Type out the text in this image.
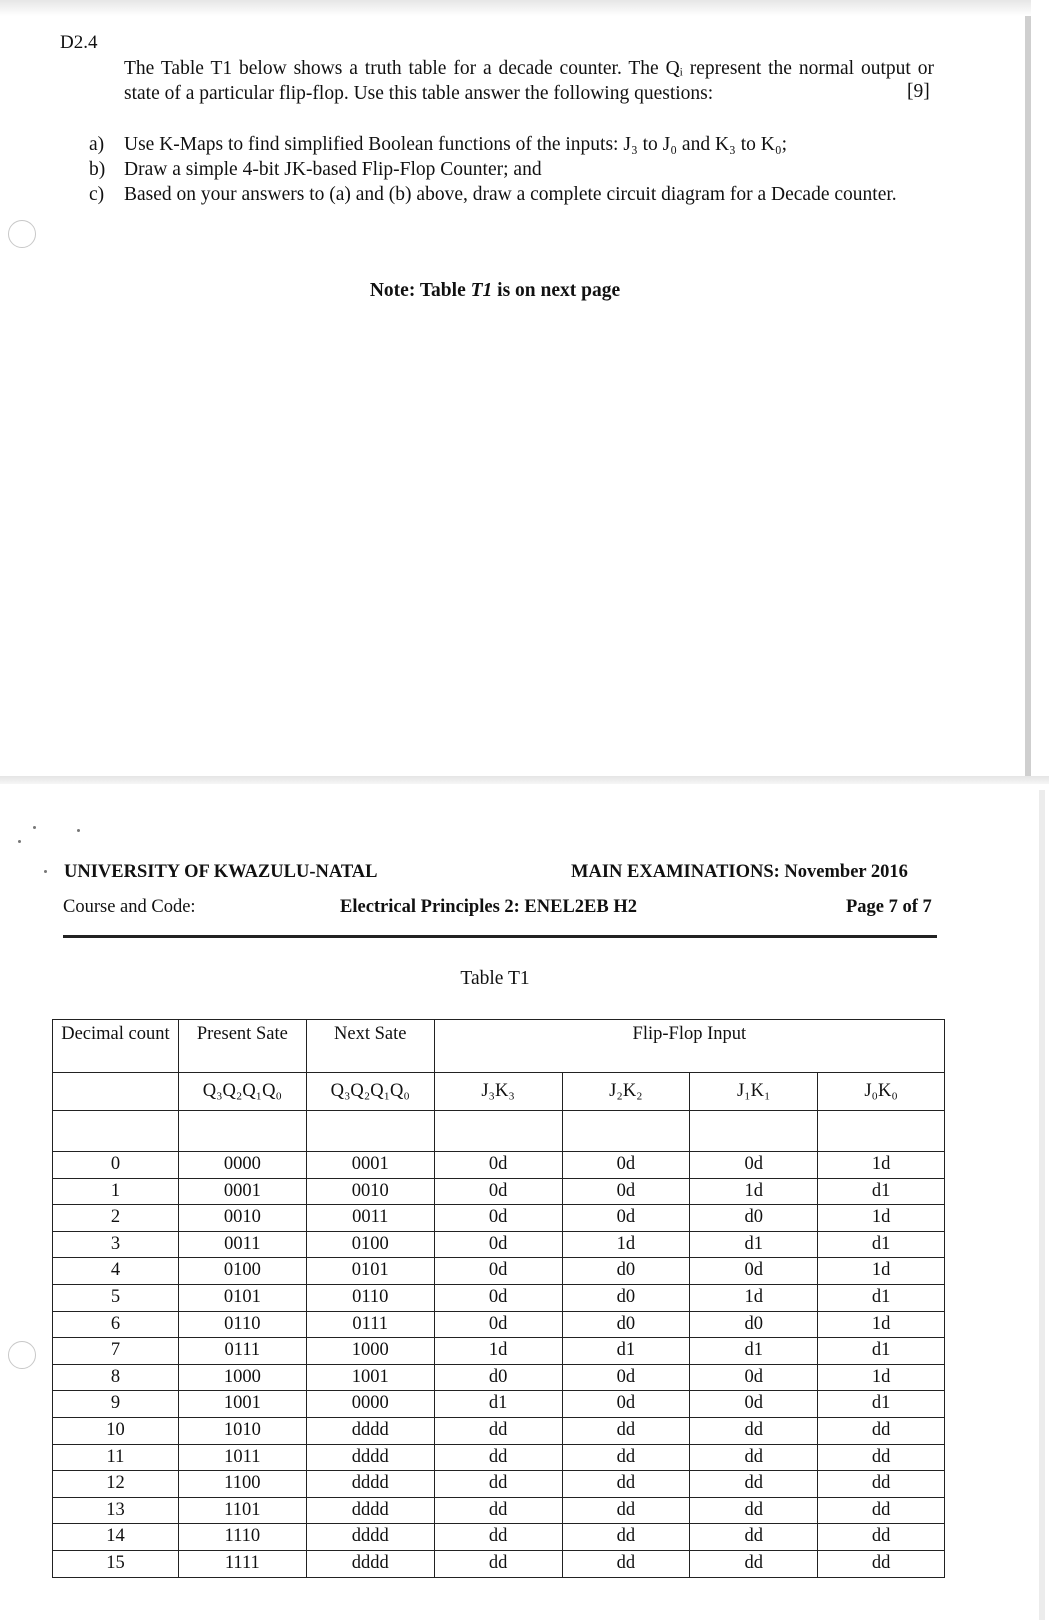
D2.4
The Table T1 below shows a truth table for a decade counter. The Qᵢ represent the normal output or state of a particular flip-flop. Use this table answer the following questions:	[9]
a)	Use K-Maps to find simplified Boolean functions of the inputs: J₃ to J₀ and K₃ to K₀;
b) Draw a simple 4-bit JK-based Flip-Flop Counter; and
c)	Based on your answers to (a) and (b) above, draw a complete circuit diagram for a Decade counter.
Note: Table T1 is on next page
UNIVERSITY OF KWAZULU-NATAL	MAIN EXAMINATIONS: November 2016
Course and Code:	Electrical Principles 2: ENEL2EB H2	Page 7 of 7
Table T1
Decimal count	Present Sate	Next Sate	Flip-Flop Input			
	Q₃Q₂Q₁Q₀	Q₃Q₂Q₁Q₀	J₃K₃	J₂K₂	J₁K₁	J₀K₀

0	0000	0001	0d	0d	0d	1d
1	0001	0010	0d	0d	1d	d1
2	0010	0011	0d	0d	d0	1d
3	0011	0100	0d	1d	d1	d1
4	0100	0101	0d	d0	0d	1d
5	0101	0110	0d	d0	1d	d1
6	0110	0111	0d	d0	d0	1d
7	0111	1000	1d	d1	d1	d1
8	1000	1001	d0	0d	0d	1d
9	1001	0000	d1	0d	0d	d1
10	1010	dddd	dd	dd	dd	dd
11	1011	dddd	dd	dd	dd	dd
12	1100	dddd	dd	dd	dd	dd
13	1101	dddd	dd	dd	dd	dd
14	1110	dddd	dd	dd	dd	dd
15	1111	dddd	dd	dd	dd	dd
